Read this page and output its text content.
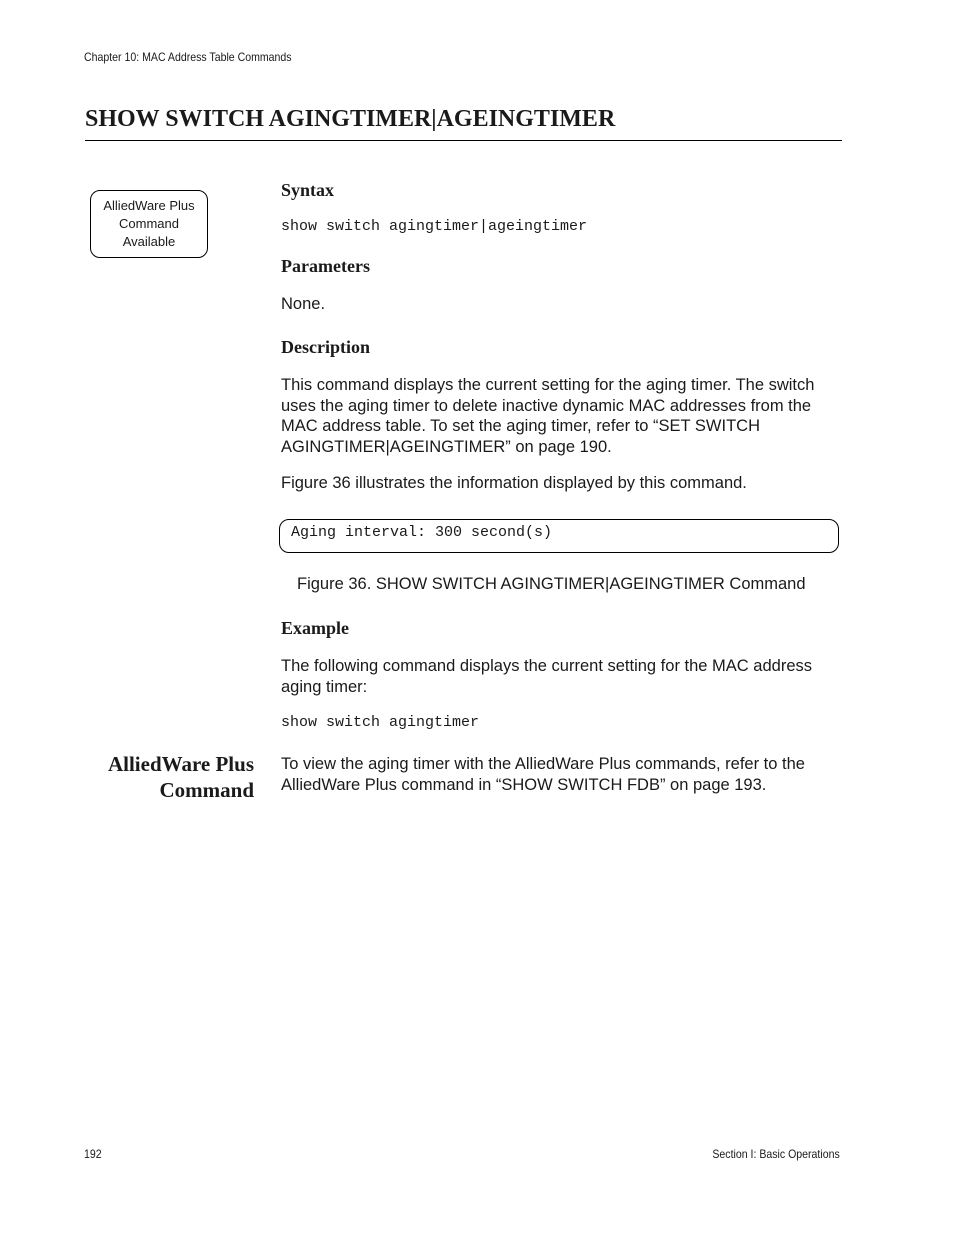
Chapter 10: MAC Address Table Commands
SHOW SWITCH AGINGTIMER|AGEINGTIMER
AlliedWare Plus
Command
Available
Syntax
show switch agingtimer|ageingtimer
Parameters

None.

Description

This command displays the current setting for the aging timer. The switch uses the aging timer to delete inactive dynamic MAC addresses from the MAC address table. To set the aging timer, refer to “SET SWITCH AGINGTIMER|AGEINGTIMER” on page 190.

Figure 36 illustrates the information displayed by this command.

Aging interval: 300 second(s)
Figure 36. SHOW SWITCH AGINGTIMER|AGEINGTIMER Command
Example

The following command displays the current setting for the MAC address aging timer:

show switch agingtimer
AlliedWare Plus
Command

To view the aging timer with the AlliedWare Plus commands, refer to the AlliedWare Plus command in “SHOW SWITCH FDB” on page 193.

192	Section I: Basic Operations
